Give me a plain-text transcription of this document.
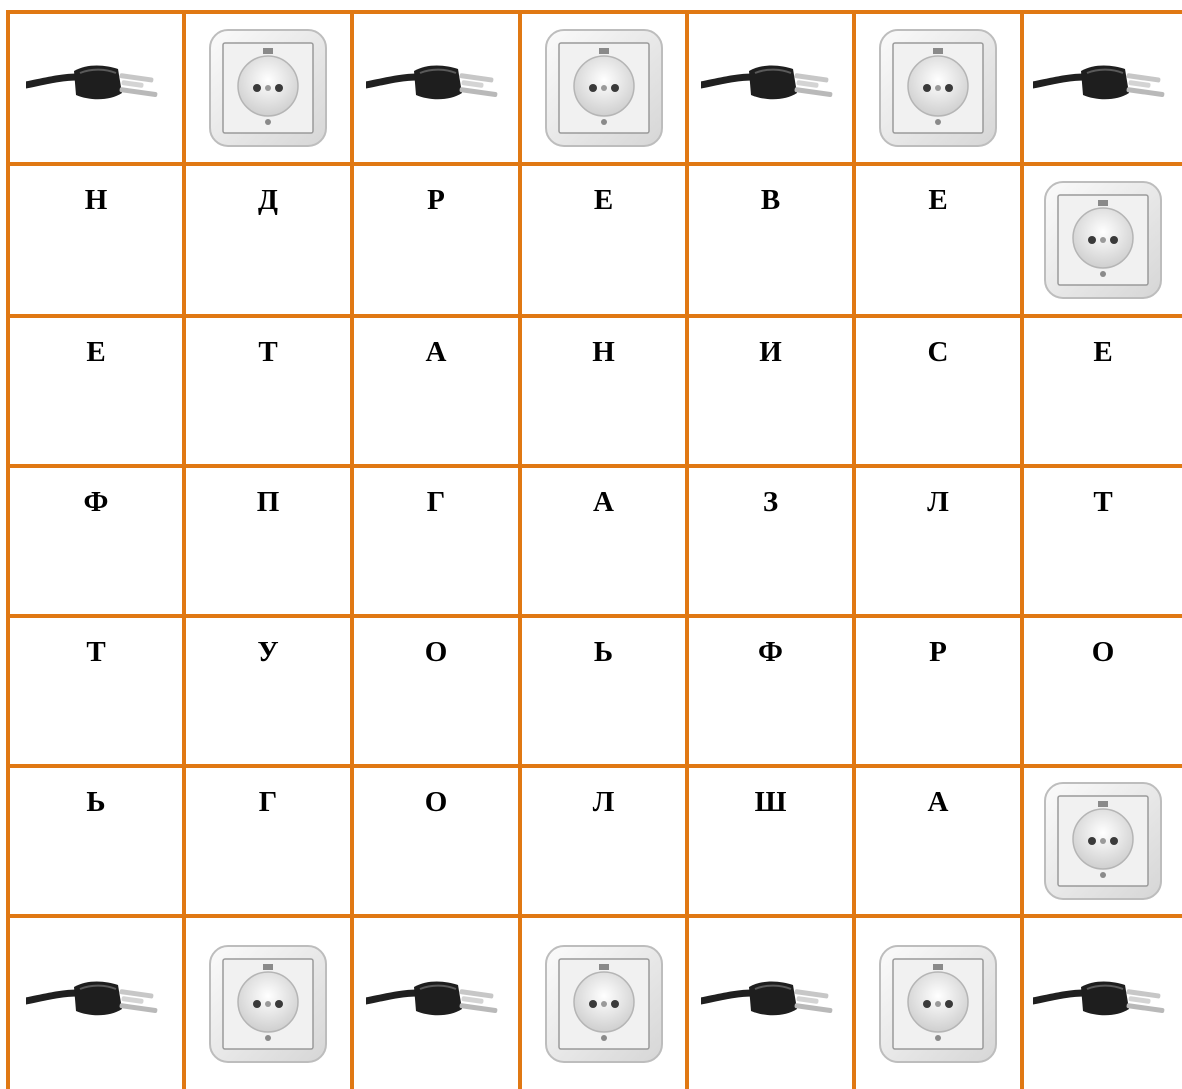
Н	Д	Р	Е	В	Е
Е	Т	А	Н	И	С	Е
Ф	П	Г	А	З	Л	Т
Т	У	О	Ь	Ф	Р	О
Ь	Г	О	Л	Ш	А
